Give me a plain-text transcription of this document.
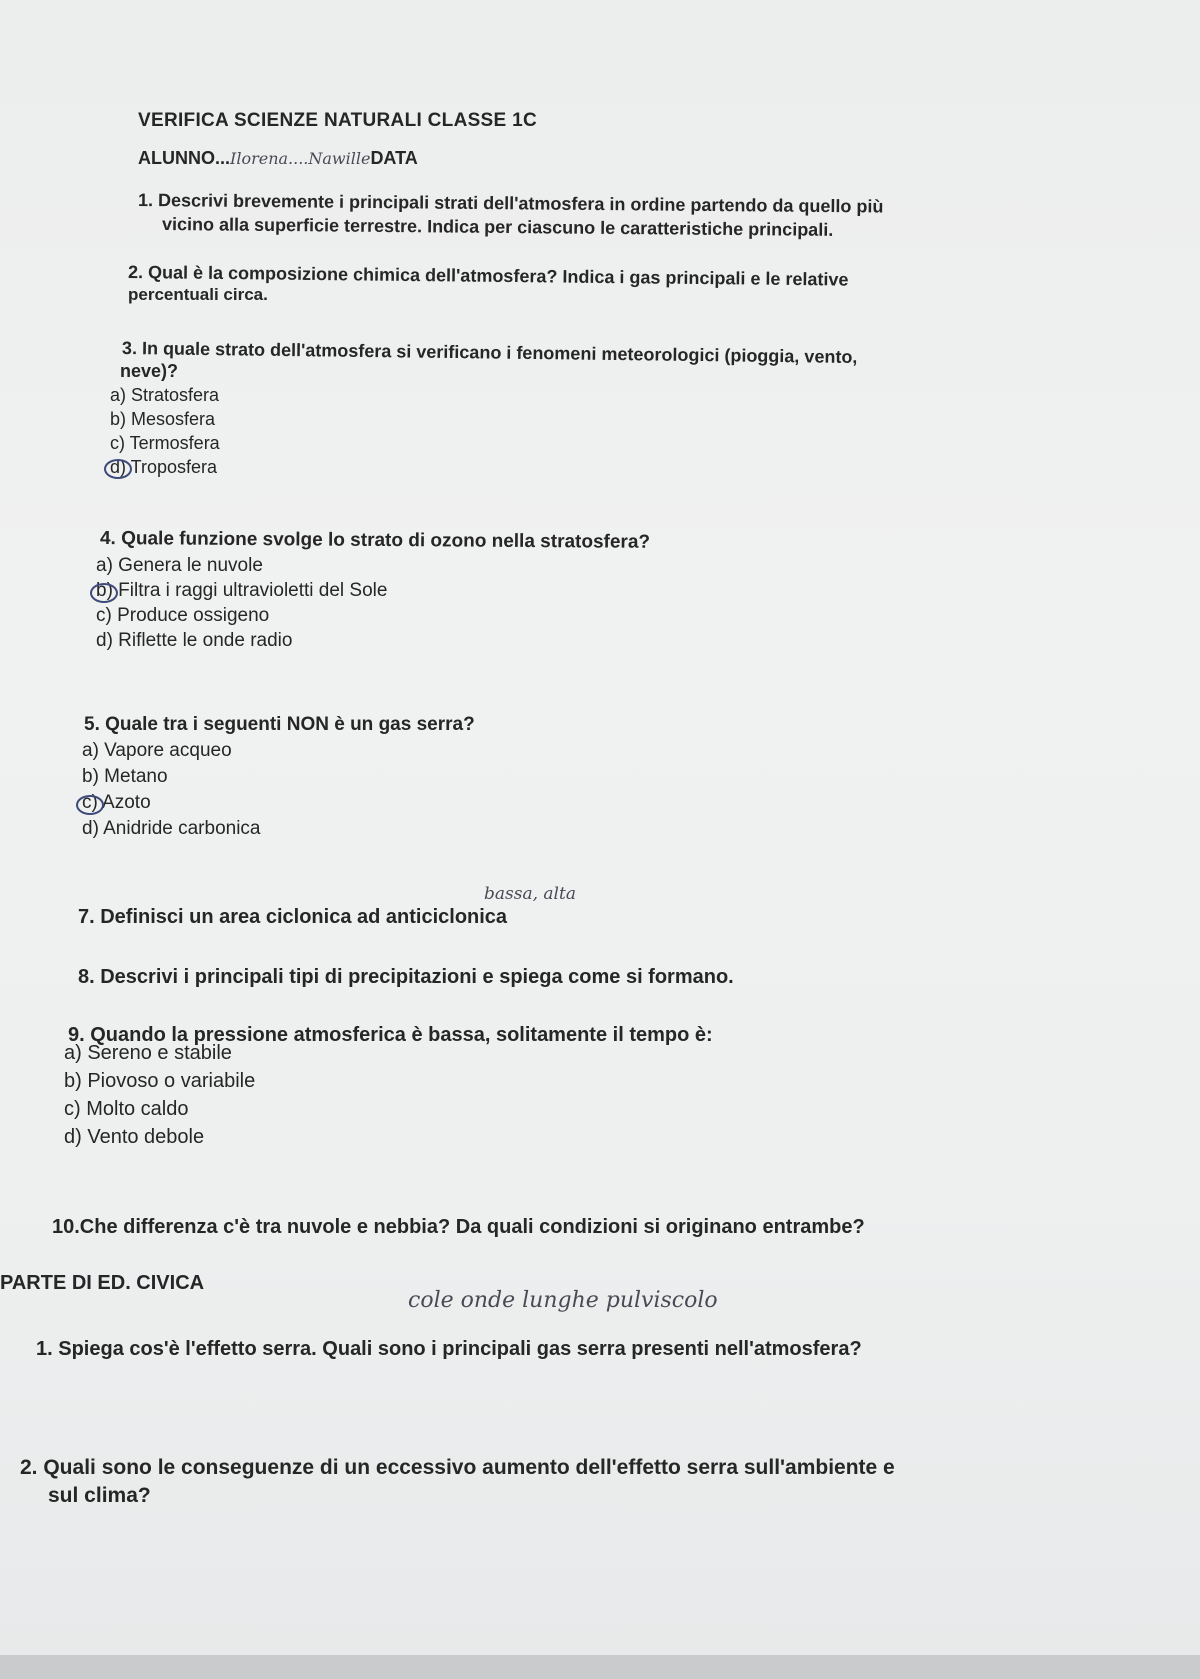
VERIFICA SCIENZE NATURALI CLASSE 1C
ALUNNO...Ilorena....NawilleDATA
1. Descrivi brevemente i principali strati dell'atmosfera in ordine partendo da quello più
vicino alla superficie terrestre. Indica per ciascuno le caratteristiche principali.
2. Qual è la composizione chimica dell'atmosfera? Indica i gas principali e le relative
percentuali circa.
3. In quale strato dell'atmosfera si verificano i fenomeni meteorologici (pioggia, vento,
neve)?
a) Stratosfera
b) Mesosfera
c) Termosfera
d) Troposfera
4. Quale funzione svolge lo strato di ozono nella stratosfera?
a) Genera le nuvole
b) Filtra i raggi ultravioletti del Sole
c) Produce ossigeno
d) Riflette le onde radio
5. Quale tra i seguenti NON è un gas serra?
a) Vapore acqueo
b) Metano
c) Azoto
d) Anidride carbonica
bassa, alta
7. Definisci un area ciclonica ad anticiclonica
8. Descrivi i principali tipi di precipitazioni e spiega come si formano.
9. Quando la pressione atmosferica è bassa, solitamente il tempo è:
a) Sereno e stabile
b) Piovoso o variabile
c) Molto caldo
d) Vento debole
10.Che differenza c'è tra nuvole e nebbia? Da quali condizioni si originano entrambe?
PARTE DI ED. CIVICA
cole onde lunghe pulviscolo
1. Spiega cos'è l'effetto serra. Quali sono i principali gas serra presenti nell'atmosfera?
2. Quali sono le conseguenze di un eccessivo aumento dell'effetto serra sull'ambiente e
sul clima?
